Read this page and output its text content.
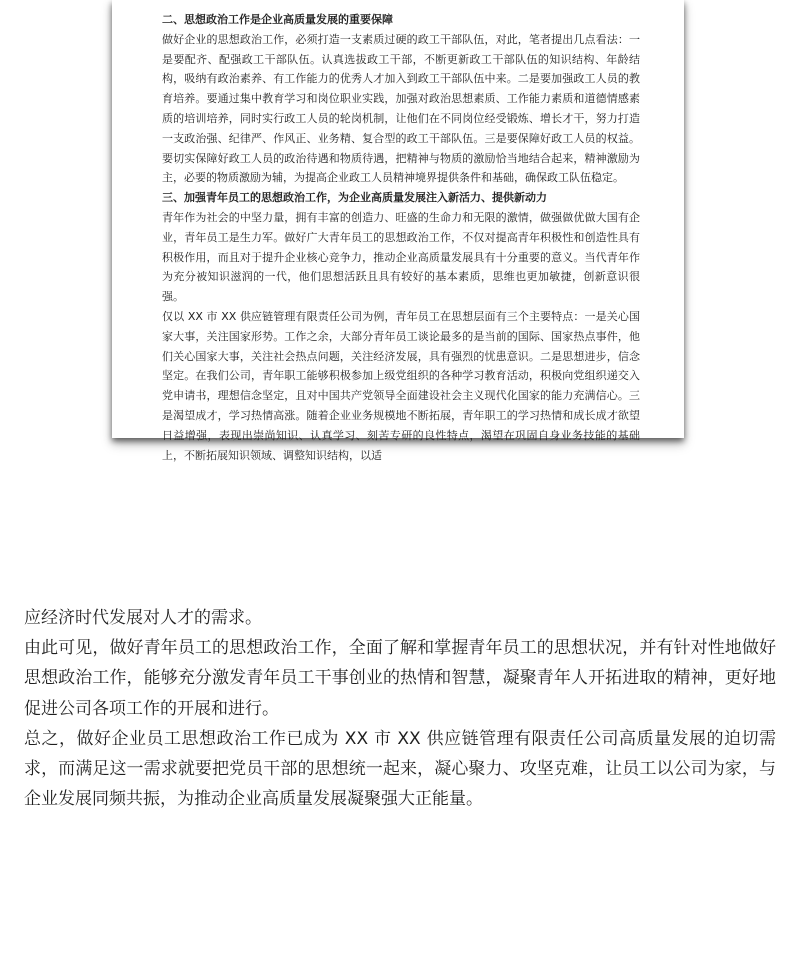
二、思想政治工作是企业高质量发展的重要保障

做好企业的思想政治工作，必须打造一支素质过硬的政工干部队伍，对此，笔者提出几点看法：一是要配齐、配强政工干部队伍。认真选拔政工干部，不断更新政工干部队伍的知识结构、年龄结构，吸纳有政治素养、有工作能力的优秀人才加入到政工干部队伍中来。二是要加强政工人员的教育培养。要通过集中教育学习和岗位职业实践，加强对政治思想素质、工作能力素质和道德情感素质的培训培养，同时实行政工人员的轮岗机制，让他们在不同岗位经受锻炼、增长才干，努力打造一支政治强、纪律严、作风正、业务精、复合型的政工干部队伍。三是要保障好政工人员的权益。要切实保障好政工人员的政治待遇和物质待遇，把精神与物质的激励恰当地结合起来，精神激励为主，必要的物质激励为辅，为提高企业政工人员精神境界提供条件和基础，确保政工队伍稳定。

三、加强青年员工的思想政治工作，为企业高质量发展注入新活力、提供新动力

青年作为社会的中坚力量，拥有丰富的创造力、旺盛的生命力和无限的激情，做强做优做大国有企业，青年员工是生力军。做好广大青年员工的思想政治工作，不仅对提高青年积极性和创造性具有积极作用，而且对于提升企业核心竞争力，推动企业高质量发展具有十分重要的意义。当代青年作为充分被知识滋润的一代，他们思想活跃且具有较好的基本素质，思维也更加敏捷，创新意识很强。

仅以 XX 市 XX 供应链管理有限责任公司为例，青年员工在思想层面有三个主要特点：一是关心国家大事，关注国家形势。工作之余，大部分青年员工谈论最多的是当前的国际、国家热点事件，他们关心国家大事，关注社会热点问题，关注经济发展，具有强烈的忧患意识。二是思想进步，信念坚定。在我们公司，青年职工能够积极参加上级党组织的各种学习教育活动，积极向党组织递交入党申请书，理想信念坚定，且对中国共产党领导全面建设社会主义现代化国家的能力充满信心。三是渴望成才，学习热情高涨。随着企业业务规模地不断拓展，青年职工的学习热情和成长成才欲望日益增强，表现出崇尚知识、认真学习、刻苦专研的良性特点，渴望在巩固自身业务技能的基础上，不断拓展知识领域、调整知识结构，以适

应经济时代发展对人才的需求。

由此可见，做好青年员工的思想政治工作，全面了解和掌握青年员工的思想状况，并有针对性地做好思想政治工作，能够充分激发青年员工干事创业的热情和智慧，凝聚青年人开拓进取的精神，更好地促进公司各项工作的开展和进行。

总之，做好企业员工思想政治工作已成为 XX 市 XX 供应链管理有限责任公司高质量发展的迫切需求，而满足这一需求就要把党员干部的思想统一起来，凝心聚力、攻坚克难，让员工以公司为家，与企业发展同频共振，为推动企业高质量发展凝聚强大正能量。
